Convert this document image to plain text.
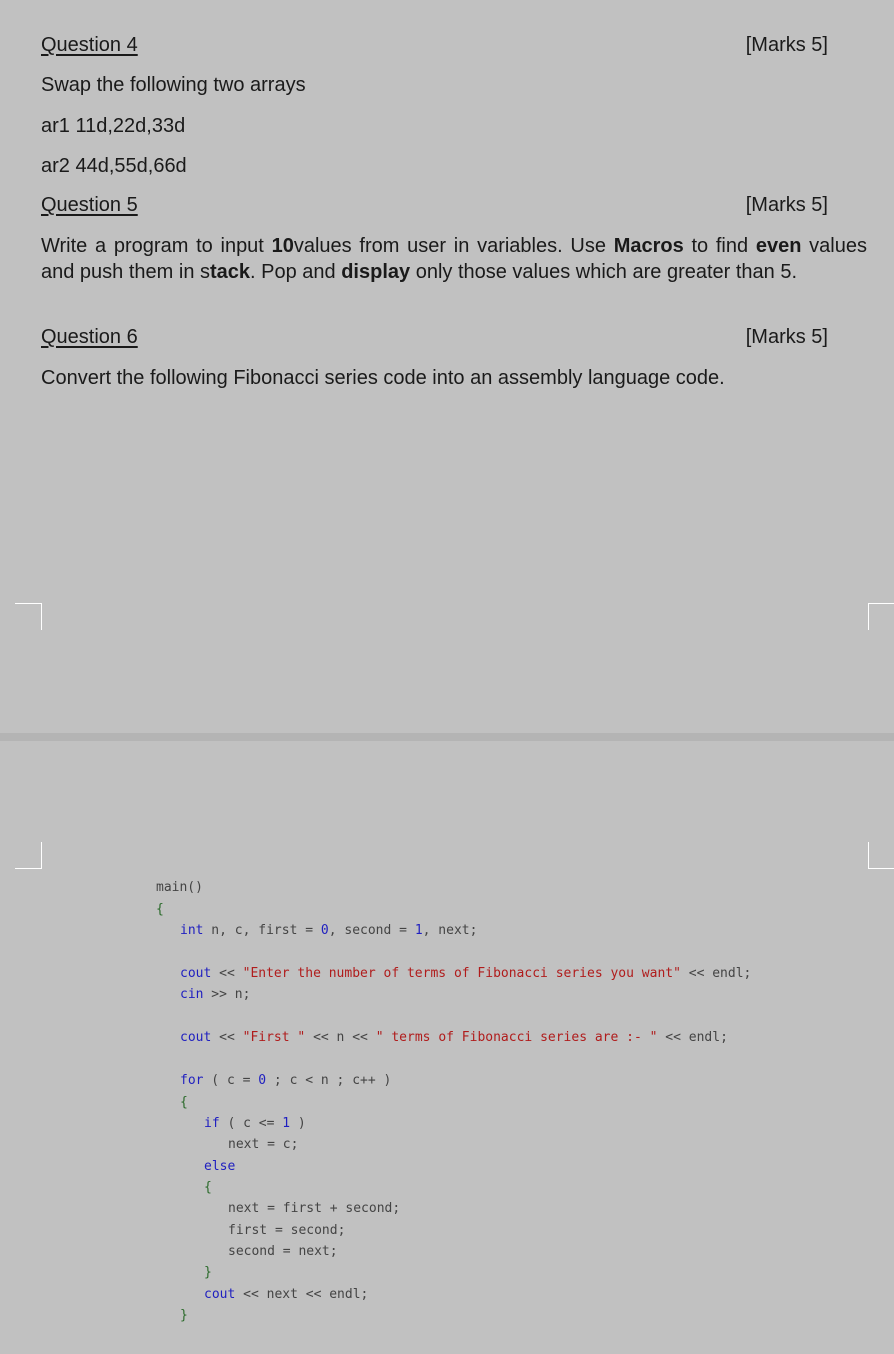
Question 4	[Marks 5]
Swap the following two arrays
ar1 11d,22d,33d
ar2 44d,55d,66d
Question 5	[Marks 5]
Write a program to input 10values from user in variables. Use Macros to find even values and push them in stack. Pop and display only those values which are greater than 5.
Question 6	[Marks 5]
Convert the following Fibonacci series code into an assembly language code.
main()
{
int n, c, first = 0, second = 1, next;
cout << "Enter the number of terms of Fibonacci series you want" << endl;
cin >> n;
cout << "First " << n << " terms of Fibonacci series are :- " << endl;
for ( c = 0 ; c < n ; c++ )
{
if ( c <= 1 )
next = c;
else
{
next = first + second;
first = second;
second = next;
}
cout << next << endl;
}
